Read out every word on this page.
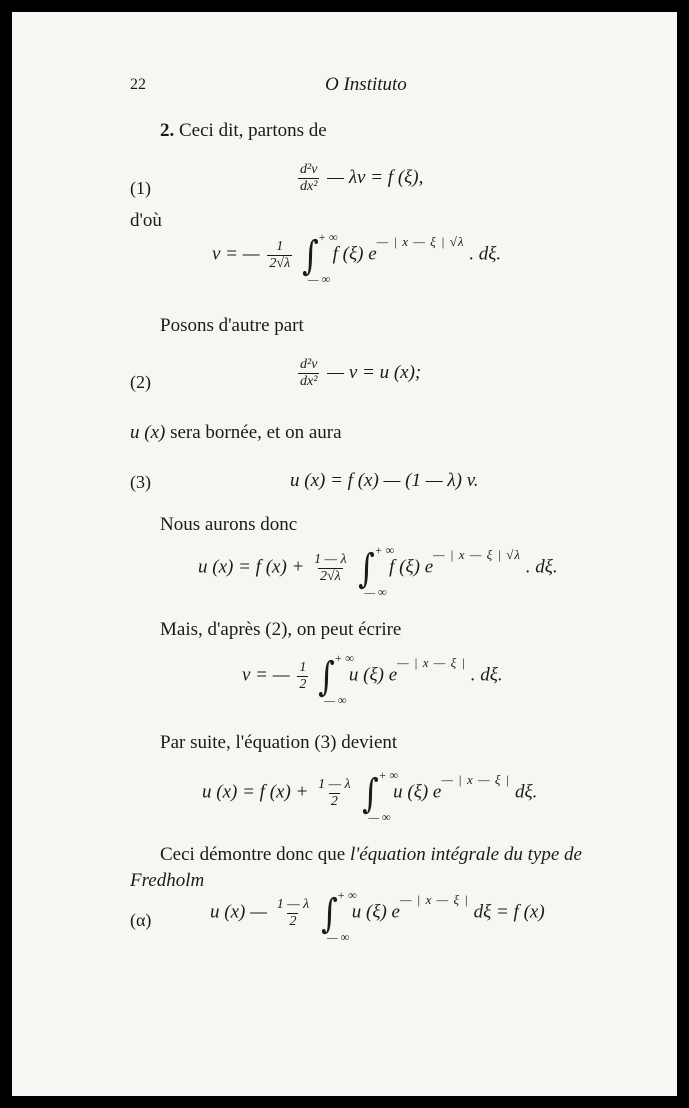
22	O Instituto
2. Ceci dit, partons de
(1)	$\frac{\text{d²v}}{\text{dx²}}$ — λv = f (ξ),
d'où
v = — $\frac{1}{2√\lambda}$ ∫ + ∞
— ∞
f (ξ) $e^{— | x — \xi | √\lambda}$ . dξ.
Posons d'autre part
(2)	$\frac{\text{d²v}}{\text{dx²}}$ — v = u (x);
u (x) sera bornée, et on aura
(3)	u (x) = f (x) — (1 — λ) v.
Nous aurons donc
u (x) = f $(x) + \frac{1 — \lambda}{2√\lambda}$ ∫ + ∞
— ∞
f (ξ) $e^{— | x — \xi | √\lambda}$ . dξ.
Mais, d'après (2), on peut écrire
v = — $\frac{1}{2}$ ∫ + ∞
— ∞
u (ξ) $e^{— | x — \xi |}$ . dξ.
Par suite, l'équation (3) devient
u (x) = f $(x) + \frac{1 — \lambda}{2}$ ∫ + ∞
— ∞
u (ξ) $e^{— | x — \xi |}$ dξ.
Ceci démontre donc que l'équation intégrale du type de
Fredholm
(α)	u (x) — $\frac{1 — \lambda}{2}$ ∫ + ∞
— ∞
u (ξ) $e^{— | x — \xi |}$ dξ = f (x)
